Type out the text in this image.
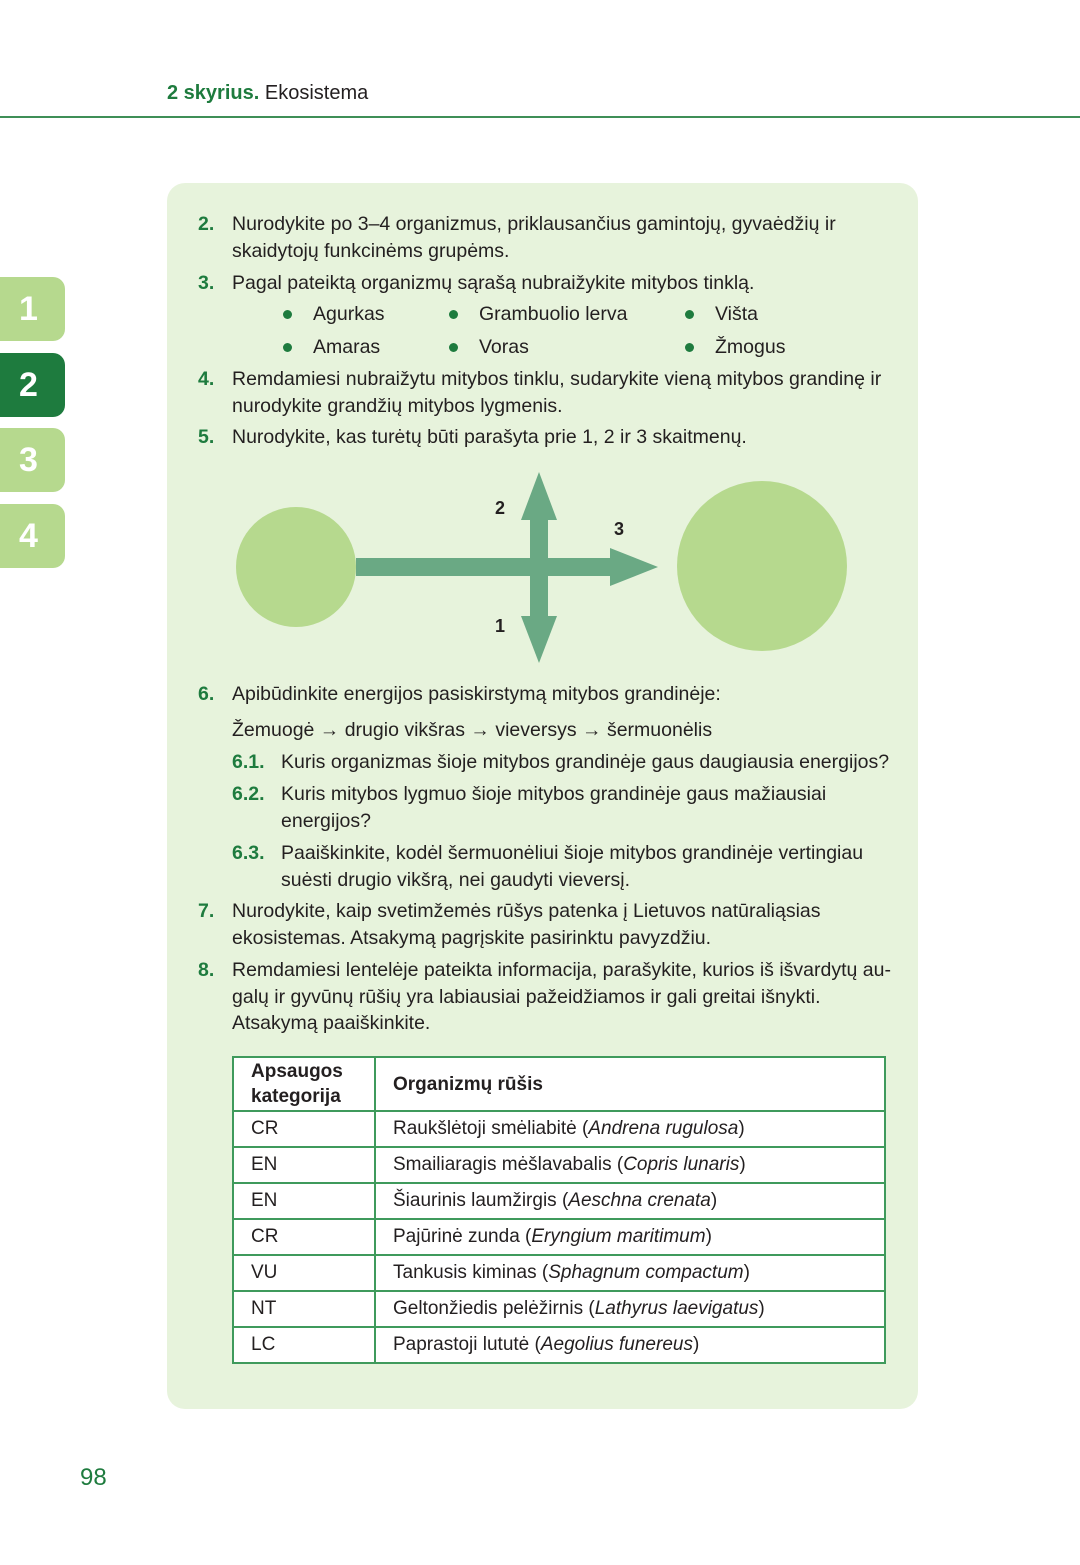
2 skyrius. Ekosistema
1
2
3
4
2. Nurodykite po 3–4 organizmus, priklausančius gamintojų, gyvaėdžių ir skaidytojų funkcinėms grupėms.
3. Pagal pateiktą organizmų sąrašą nubraižykite mitybos tinklą.
Agurkas	Grambuolio lerva	Višta
Amaras	Voras	Žmogus
4. Remdamiesi nubraižytu mitybos tinklu, sudarykite vieną mitybos grandinę ir nurodykite grandžių mitybos lygmenis.
5. Nurodykite, kas turėtų būti parašyta prie 1, 2 ir 3 skaitmenų.
2
3
1
6. Apibūdinkite energijos pasiskirstymą mitybos grandinėje:
Žemuogė → drugio vikšras → vieversys → šermuonėlis
6.1. Kuris organizmas šioje mitybos grandinėje gaus daugiausia energijos?
6.2. Kuris mitybos lygmuo šioje mitybos grandinėje gaus mažiausiai energijos?
6.3. Paaiškinkite, kodėl šermuonėliui šioje mitybos grandinėje vertingiau suėsti drugio vikšrą, nei gaudyti vieversį.
7. Nurodykite, kaip svetimžemės rūšys patenka į Lietuvos natūraliąsias ekosistemas. Atsakymą pagrįskite pasirinktu pavyzdžiu.
8. Remdamiesi lentelėje pateikta informacija, parašykite, kurios iš išvardytų augalų ir gyvūnų rūšių yra labiausiai pažeidžiamos ir gali greitai išnykti. Atsakymą paaiškinkite.
Apsaugos kategorija	Organizmų rūšis
CR	Raukšlėtoji smėliabitė (Andrena rugulosa)
EN	Smailiaragis mėšlavabalis (Copris lunaris)
EN	Šiaurinis laumžirgis (Aeschna crenata)
CR	Pajūrinė zunda (Eryngium maritimum)
VU	Tankusis kiminas (Sphagnum compactum)
NT	Geltonžiedis pelėžirnis (Lathyrus laevigatus)
LC	Paprastoji lututė (Aegolius funereus)
98
